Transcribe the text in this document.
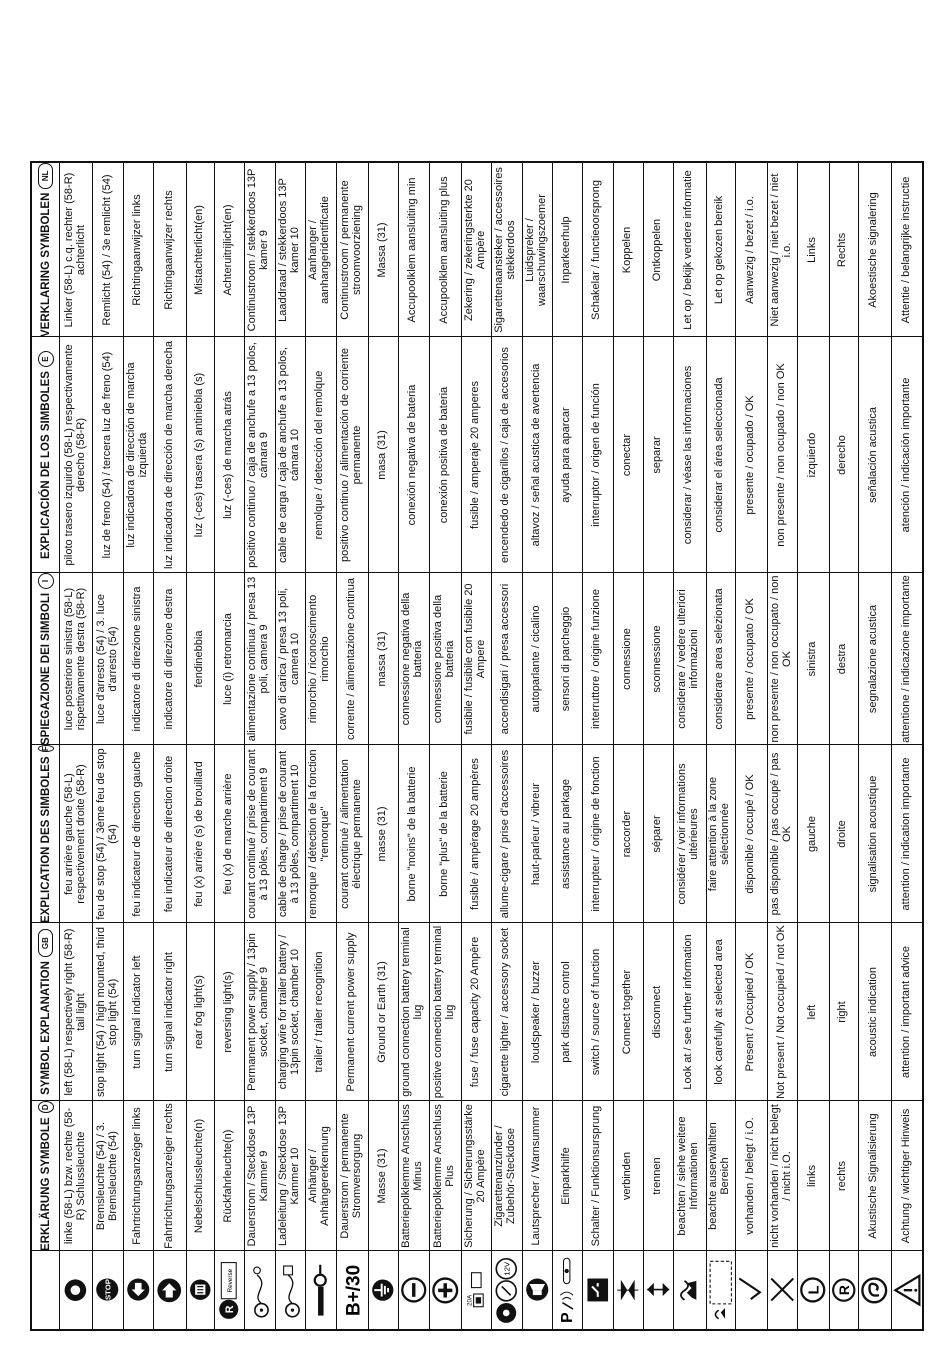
ERKLÄRUNG SYMBOLE
D
SYMBOL EXPLANATION
GB
EXPLICATION DES SIMBOLES
F
SPIEGAZIONE DEI SIMBOLI
I
EXPLICACIÓN DE LOS SIMBOLES
E
VERKLARING SYMBOLEN
NL
linke (58-L) bzw. rechte (58-R) Schlussleuchte
left (58-L) respectively right (58-R) tail light
feu arrière gauche (58-L) respectivement droite (58-R)
luce posteriore sinistra (58-L) rispettivamente destra (58-R)
piloto trasero izquirdo (58-L) respectivamente derecho (58-R)
Linker (58-L) c.q. rechter (58-R) achterlicht
STOP
Bremsleuchte (54) / 3. Bremsleuchte (54)
stop light (54) / high mounted, third stop light (54)
feu de stop (54) / 3ème feu de stop (54)
luce d'arresto (54) / 3. luce d'arresto (54)
luz de freno (54) / tercera luz de freno (54)
Remlicht (54) / 3e remlicht (54)
Fahrtrichtungsanzeiger links
turn signal indicator left
feu indicateur de direction gauche
indicatore di direzione sinistra
luz indicadora de dirección de marcha izquierda
Richtingaanwijzer links
Fahrtrichtungsanzeiger rechts
turn signal indicator right
feu indicateur de direction droite
indicatore di direzione destra
luz indicadora de dirección de marcha derecha
Richtingaanwijzer rechts
Nebelschlussleuchte(n)
rear fog light(s)
feu (x) arrière (s) de brouillard
fendinebbia
luz (-ces) trasera (s) antiniebla (s)
Mistachterlicht(en)
R
Reverse
Rückfahrleuchte(n)
reversing light(s)
feu (x) de marche arrière
luce (i) retromarcia
luz (-ces) de marcha atrás
Achteruitrijlicht(en)
Dauerstrom / Steckdose 13P Kammer 9
Permanent power supply / 13pin socket, chamber 9
courant continué / prise de courant à 13 pôles, compartiment 9
alimentazione continua / presa 13 poli, camera 9
positivo continuo / caja de anchufe a 13 polos, cámara 9
Continustroom / stekkerdoos 13P kamer 9
Ladeleitung / Steckdose 13P Kammer 10
charging wire for trailer battery / 13pin socket, chamber 10
cable de charge / prise de courant à 13 pôles, compartiment 10
cavo di carica / presa 13 poli, camera 10
cable de carga / caja de anchufe a 13 polos, cámara 10
Laaddraad / stekkerdoos 13P kamer 10
Anhänger / Anhängererkennung
trailer / trailer recognition
remorque / détection de la fonction "remorque"
rimorchio / riconoscimento rimorchio
remolque / detección del remolque
Aanhanger / aanhangeridentificatie
B+/30
Dauerstrom / permanente Stromversorgung
Permanent current power supply
courant continué / alimentation électrique permanente
corrente / alimentazione continua
positivo continuo / alimentación de corriente permanente
Continustroom / permanente stroomvoorziening
Masse (31)
Ground or Earth (31)
masse (31)
massa (31)
masa (31)
Massa (31)
Batteriepolklemme Anschluss Minus
ground connection battery terminal lug
borne "moins" de la batterie
connessione negativa della batteria
conexión negativa de bateria
Accupoolklem aansluiting min
Batteriepolklemme Anschluss Plus
positive connection battery terminal lug
borne "plus" de la batterie
connessione positiva della batteria
conexión positiva de bateria
Accupoolklem aansluiting plus
20A
Sicherung / Sicherungsstärke 20 Ampère
fuse / fuse capacity 20 Ampère
fusible / ampérage 20 ampères
fusibile / fusibile con fusibile 20 Ampere
fusible / amperaje 20 amperes
Zekering / zekeringsterkte 20 Ampère
12V
Zigarettenanzünder / Zubehör-Steckdose
cigarette lighter / accessory socket
allume-cigare / prise d'accessoires
accendisigari / presa accessori
encendedo de cigarillos / caja de accesorios
Sigarettenaansteker / accessoires stekkerdoos
Lautsprecher / Warnsummer
loudspeaker / buzzer
haut-parleur / vibreur
autoparlante / cicalino
altavoz / señal acustica de avertencia
Luidspreker / waarschuwingszoemer
P
Einparkhilfe
park distance control
assistance au parkage
sensori di parcheggio
ayuda para aparcar
Inparkeerhulp
Schalter / Funktionsursprung
switch / source of function
interrupteur / origine de fonction
interruttore / origine funzione
interruptor / origen de función
Schakelar / functieoorsprong
verbinden
Connect together
raccorder
connessione
conectar
Koppelen
trennen
disconnect
séparer
sconnessione
separar
Ontkoppelen
beachten / siehe weitere Informationen
Look at / see further information
considérer / voir informations ultérieures
considerare / vedere ulteriori informazioni
considerar / véase las informaciones
Let op / bekijk verdere informatie
beachte auserwählten Bereich
look carefully at selected area
faire attention à la zone sélectionnée
considerare area selezionata
considerar el área seleccionada
Let op gekozen bereik
vorhanden / belegt / i.O.
Present / Occupied / OK
disponible / occupé / OK
presente / occupato / OK
presente / ocupado / OK
Aanwezig / bezet / i.o.
nicht vorhanden / nicht belegt / nicht i.O.
Not present / Not occupied / not OK
pas disponible / pas occupé / pas OK
non presente / non occupato / non OK
non presente / non ocupado / non OK
Niet aanwezig / niet bezet / niet i.o.
L
links
left
gauche
sinistra
izquierdo
Links
R
rechts
right
droite
destra
derecho
Rechts
Akustische Signalisierung
acoustic indication
signalisation acoustique
segnalazione acustica
señalación acustica
Akoestische signalering
Achtung / wichtiger Hinweis
attention / important advice
attention / indication importante
attentione / indicazione importante
atención / indicación importante
Attentie / belangrijke instructie
